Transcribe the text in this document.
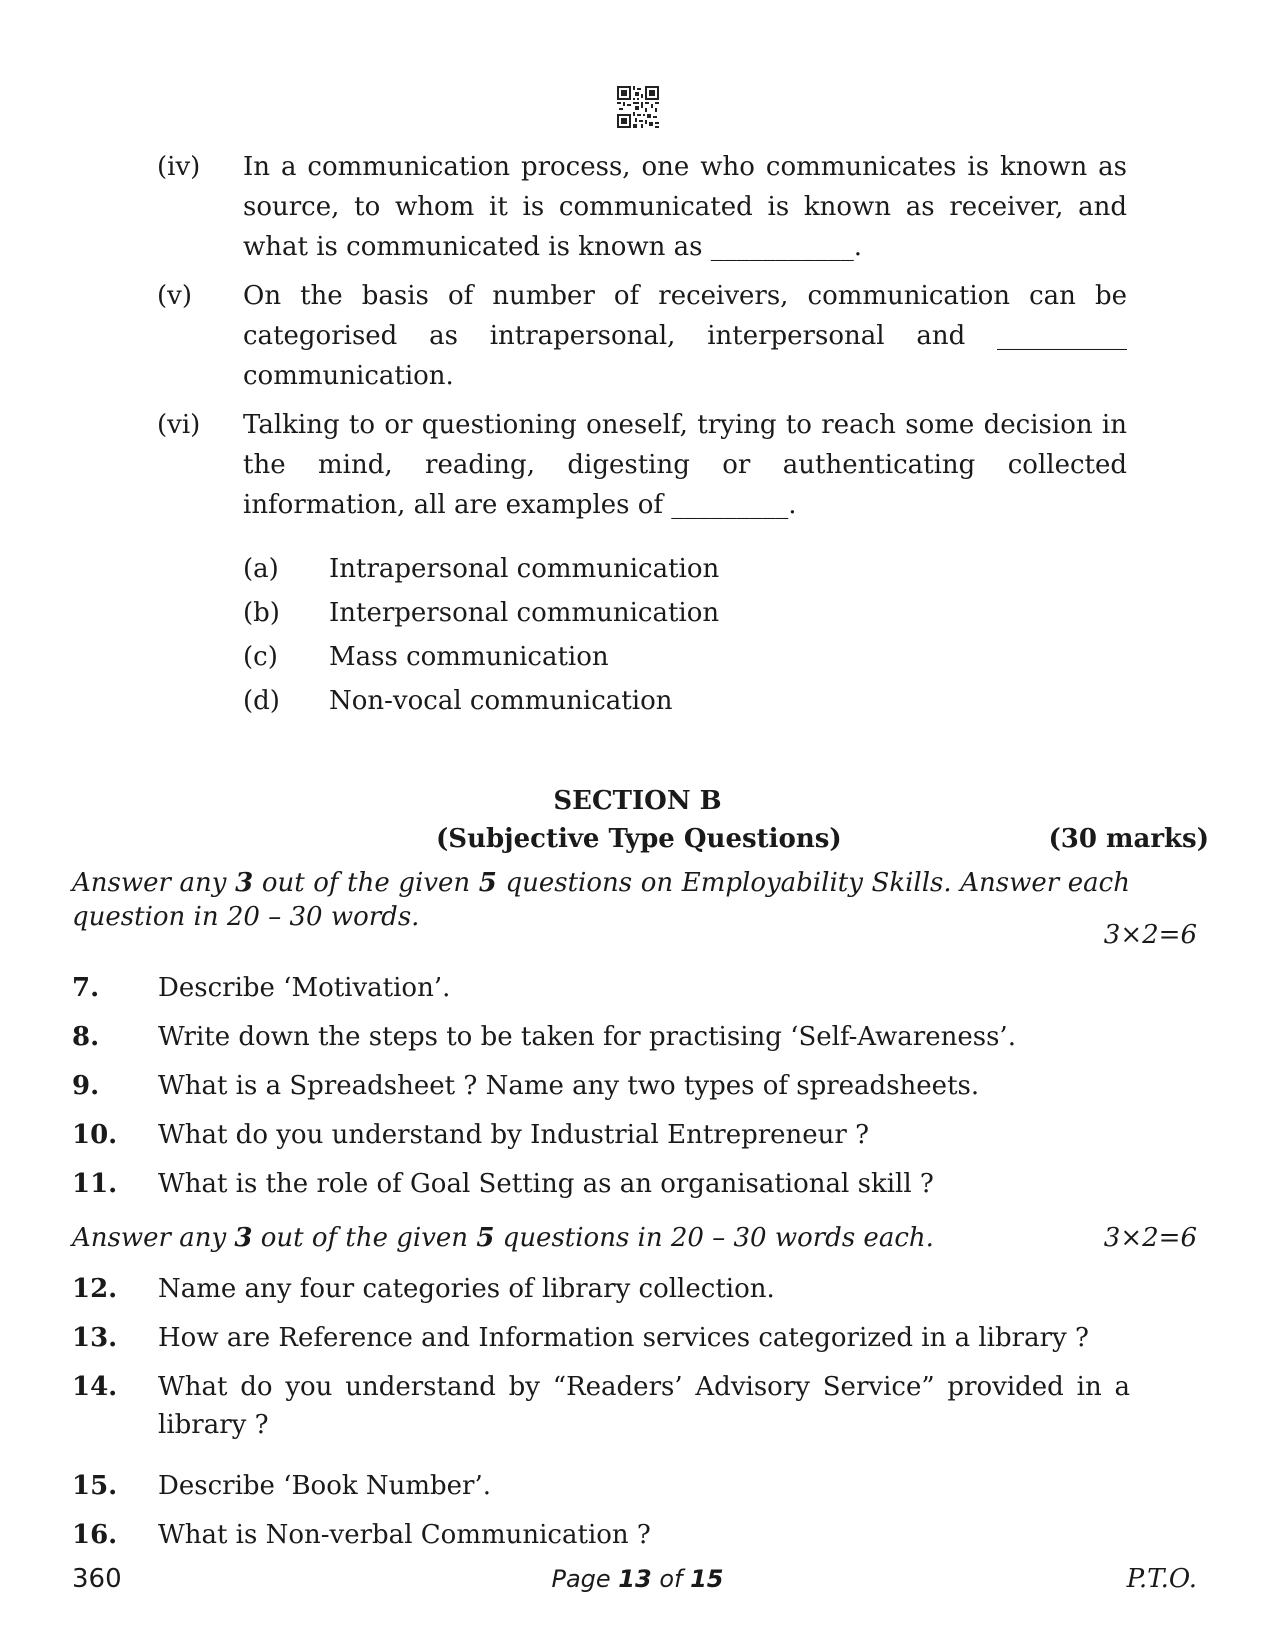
(iv)	In a communication process, one who communicates is known as source, to whom it is communicated is known as receiver, and what is communicated is known as ___________.
(v)	On the basis of number of receivers, communication can be categorised as intrapersonal, interpersonal and __________ communication.
(vi)	Talking to or questioning oneself, trying to reach some decision in the mind, reading, digesting or authenticating collected information, all are examples of _________.
(a)	Intrapersonal communication
(b)	Interpersonal communication
(c)	Mass communication
(d)	Non-vocal communication
SECTION B
(Subjective Type Questions)	(30 marks)
Answer any 3 out of the given 5 questions on Employability Skills. Answer each question in 20 – 30 words.
3×2=6
7.	Describe ‘Motivation’.
8.	Write down the steps to be taken for practising ‘Self-Awareness’.
9.	What is a Spreadsheet ? Name any two types of spreadsheets.
10.	What do you understand by Industrial Entrepreneur ?
11.	What is the role of Goal Setting as an organisational skill ?
Answer any 3 out of the given 5 questions in 20 – 30 words each.	3×2=6
12.	Name any four categories of library collection.
13.	How are Reference and Information services categorized in a library ?
14.	What do you understand by “Readers’ Advisory Service” provided in a library ?
15.	Describe ‘Book Number’.
16.	What is Non-verbal Communication ?
360	Page 13 of 15	P.T.O.
